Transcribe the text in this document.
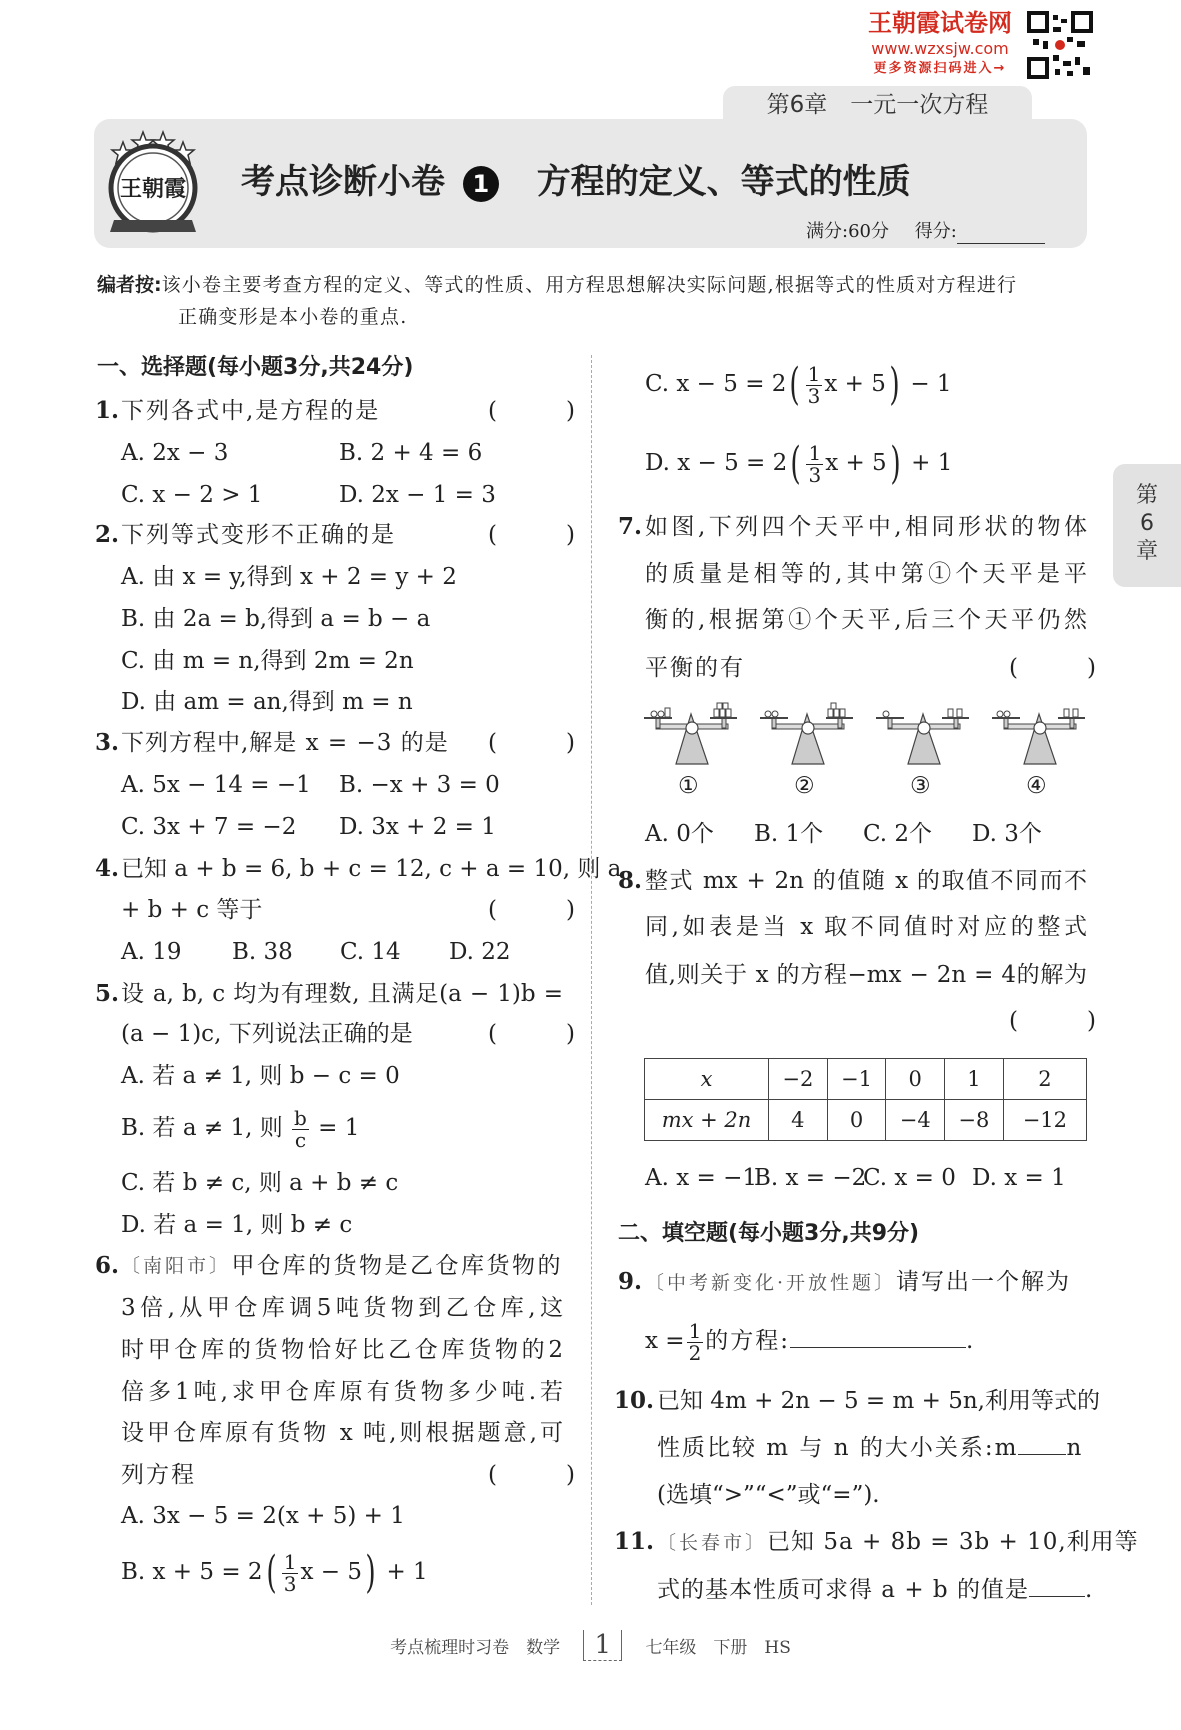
王朝霞试卷网
www.wzxsjw.com
更多资源扫码进入→
第6章　一元一次方程
王朝霞 考点诊断小卷 1 方程的定义、等式的性质
满分:60分 得分:
编者按:该小卷主要考查方程的定义、等式的性质、用方程思想解决实际问题,根据等式的性质对方程进行
正确变形是本小卷的重点.
第
6
章
一、选择题(每小题3分,共24分)
1. 下列各式中,是方程的是	(　　　)
A. 2x − 3	B. 2 + 4 = 6
C. x − 2 > 1	D. 2x − 1 = 3
2. 下列等式变形不正确的是	(　　　)
A. 由 x = y,得到 x + 2 = y + 2
B. 由 2a = b,得到 a = b − a
C. 由 m = n,得到 2m = 2n
D. 由 am = an,得到 m = n
3. 下列方程中,解是 x = −3 的是 (　　　)
A. 5x − 14 = −1 B. −x + 3 = 0
C. 3x + 7 = −2 D. 3x + 2 = 1
4. 已知 a + b = 6, b + c = 12, c + a = 10, 则 a
+ b + c 等于	(　　　)
A. 19 B. 38 C. 14 D. 22
5. 设 a, b, c 均为有理数, 且满足(a − 1)b =
(a − 1)c, 下列说法正确的是	(　　　)
A. 若 a ≠ 1, 则 b − c = 0
B. 若 a ≠ 1, 则 $\frac{b}{c} = 1$
C. 若 b ≠ c, 则 a + b ≠ c
D. 若 a = 1, 则 b ≠ c
6. 〔南阳市〕 甲仓库的货物是乙仓库货物的
3倍,从甲仓库调5吨货物到乙仓库,这
时甲仓库的货物恰好比乙仓库货物的2
倍多1吨,求甲仓库原有货物多少吨.若
设甲仓库原有货物 x 吨,则根据题意,可
列方程	(　　　)
A. 3x − 5 = 2(x + 5) + 1
B. $x + 5 = 2( \frac{1}{3}$ x − 5) + 1
C. $x - 5 = 2( \frac{1}{3}$ x + 5) − 1
D. $x - 5 = 2( \frac{1}{3}$ x + 5) + 1
7. 如图,下列四个天平中,相同形状的物体
的质量是相等的,其中第①个天平是平
衡的,根据第①个天平,后三个天平仍然
平衡的有	(　　　)
①	②	③	④
A. 0个 B. 1个 C. 2个 D. 3个
8. 整式 mx + 2n 的值随 x 的取值不同而不
同,如表是当 x 取不同值时对应的整式
值,则关于 x 的方程−mx − 2n = 4的解为
(　　　)
x	−2	−1	0	1	2
mx + 2n	4	0	−4	−8	−12
A. x = −1
B. x = −2
C. x = 0 D. x = 1
二、填空题(每小题3分,共9分)
9. 〔中考新变化·开放性题〕请写出一个解为
$x = \frac{1}{2}$ 的方程:	.
10. 已知 4m + 2n − 5 = m + 5n,利用等式的
性质比较 m 与 n 的大小关系:m n
(选填“>”“<”或“=”).
11. 〔长春市〕已知 5a + 8b = 3b + 10,利用等
式的基本性质可求得 a + b 的值是 .
考点梳理时习卷　数学 1 七年级　下册　HS
